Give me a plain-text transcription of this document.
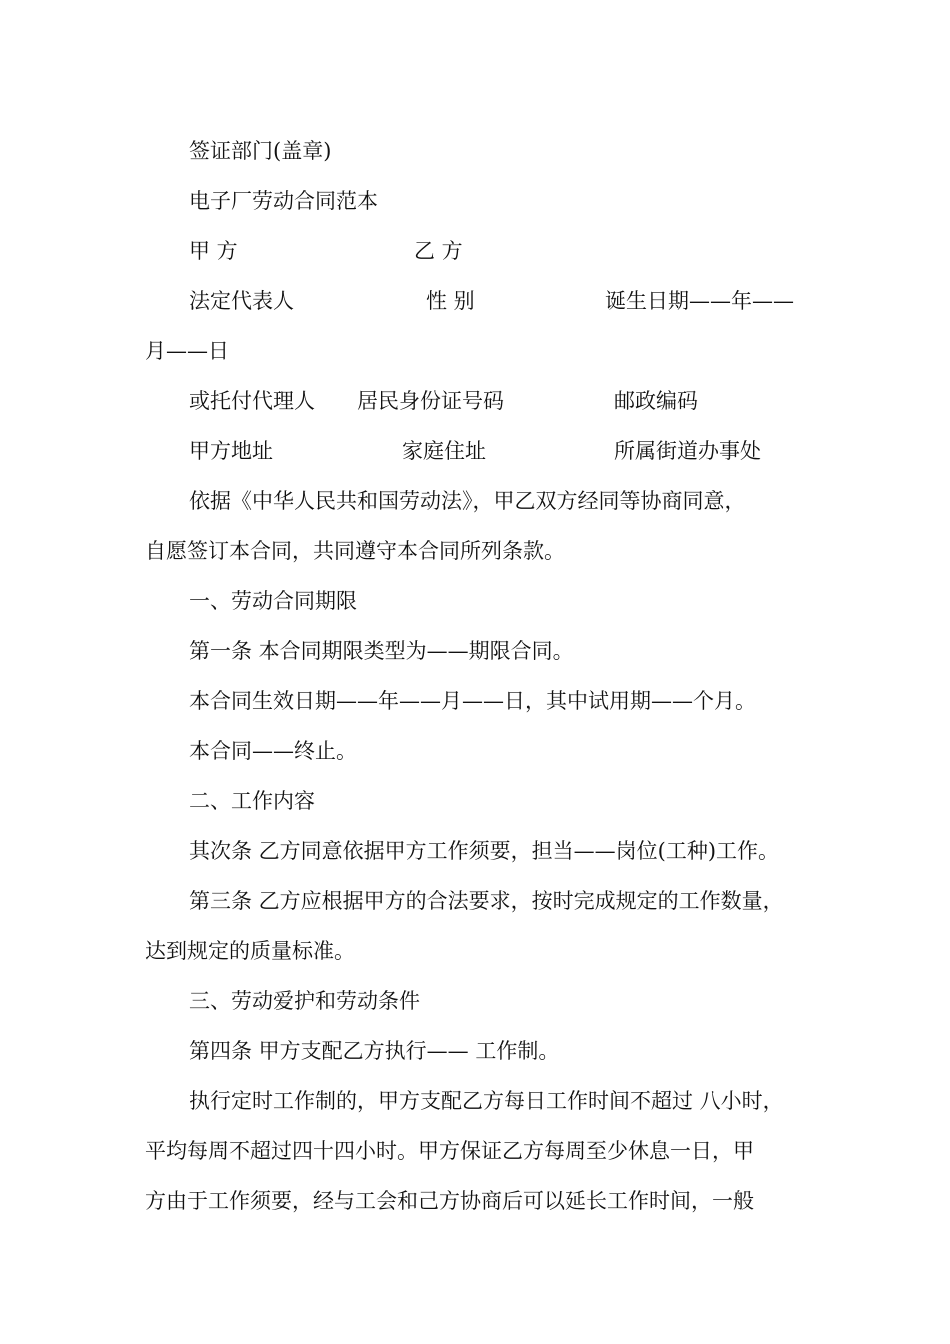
签证部门(盖章)
电子厂劳动合同范本
甲 方	乙 方
法定代表人	性 别	诞生日期——年——
月——日
或托付代理人 居民身份证号码	邮政编码
甲方地址	家庭住址	所属街道办事处
依据《中华人民共和国劳动法》，甲乙双方经同等协商同意，
自愿签订本合同，共同遵守本合同所列条款。
一、劳动合同期限
第一条 本合同期限类型为——期限合同。
本合同生效日期——年——月——日，其中试用期——个月。
本合同——终止。
二、工作内容
其次条 乙方同意依据甲方工作须要，担当——岗位(工种)工作。
第三条 乙方应根据甲方的合法要求，按时完成规定的工作数量，
达到规定的质量标准。
三、劳动爱护和劳动条件
第四条 甲方支配乙方执行—— 工作制。
执行定时工作制的，甲方支配乙方每日工作时间不超过 八小时，
平均每周不超过四十四小时。甲方保证乙方每周至少休息一日，甲
方由于工作须要，经与工会和己方协商后可以延长工作时间，一般
